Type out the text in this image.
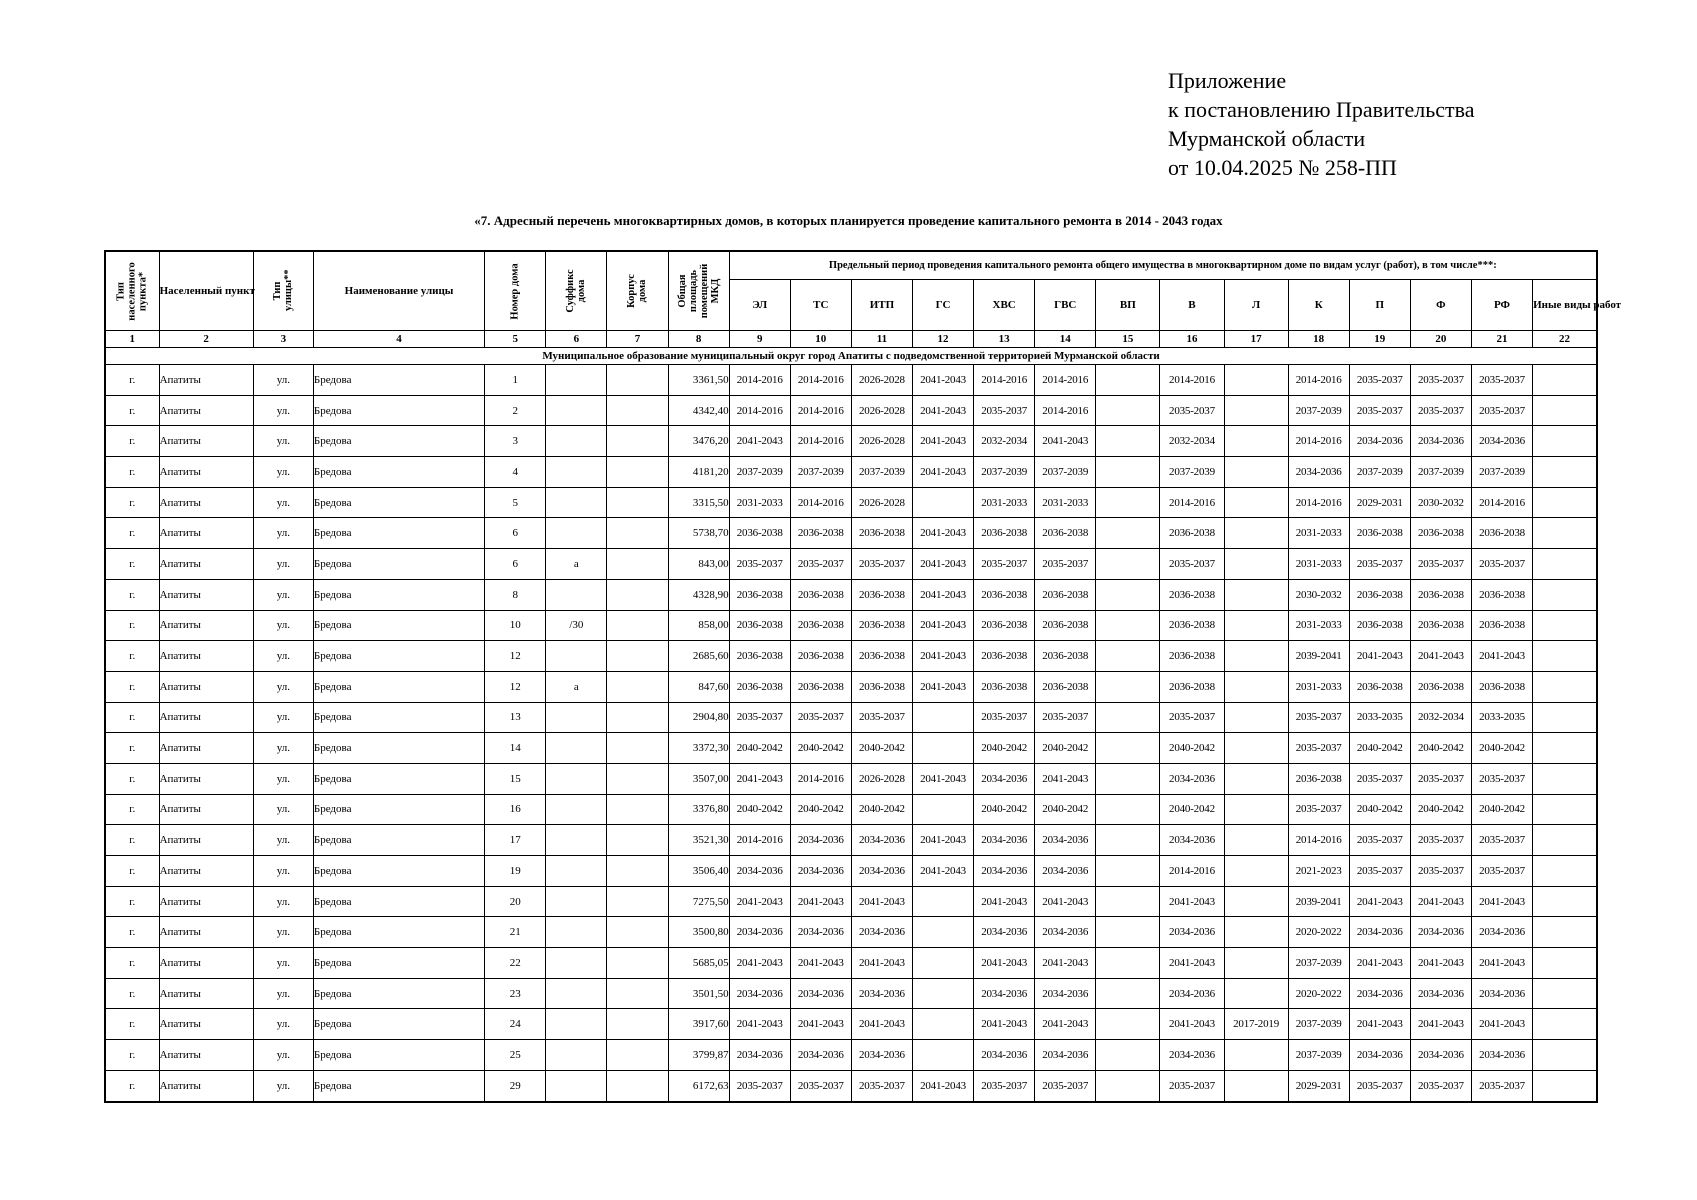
Приложение
к постановлению Правительства
Мурманской области
от 10.04.2025 № 258-ПП
«7. Адресный перечень многоквартирных домов, в которых планируется проведение капитального ремонта в 2014 - 2043 годах
Тип населенного пункта*	Населенный пункт	Тип улицы**	Наименование улицы	Номер дома	Суффикс дома	Корпус дома	Общая площадь помещений МКД	Предельный период проведения капитального ремонта общего имущества в многоквартирном доме по видам услуг (работ), в том числе***:													
								ЭЛ	ТС	ИТП	ГС	ХВС	ГВС	ВП	В	Л	К	П	Ф	РФ	Иные виды работ
1	2	3	4	5	6	7	8	9	10	11	12	13	14	15	16	17	18	19	20	21	22
Муниципальное образование муниципальный округ город Апатиты с подведомственной территорией Мурманской области																					
г.	Апатиты	ул.	Бредова	1			3361,50	2014-2016	2014-2016	2026-2028	2041-2043	2014-2016	2014-2016		2014-2016		2014-2016	2035-2037	2035-2037	2035-2037	
г.	Апатиты	ул.	Бредова	2			4342,40	2014-2016	2014-2016	2026-2028	2041-2043	2035-2037	2014-2016		2035-2037		2037-2039	2035-2037	2035-2037	2035-2037	
г.	Апатиты	ул.	Бредова	3			3476,20	2041-2043	2014-2016	2026-2028	2041-2043	2032-2034	2041-2043		2032-2034		2014-2016	2034-2036	2034-2036	2034-2036	
г.	Апатиты	ул.	Бредова	4			4181,20	2037-2039	2037-2039	2037-2039	2041-2043	2037-2039	2037-2039		2037-2039		2034-2036	2037-2039	2037-2039	2037-2039	
г.	Апатиты	ул.	Бредова	5			3315,50	2031-2033	2014-2016	2026-2028		2031-2033	2031-2033		2014-2016		2014-2016	2029-2031	2030-2032	2014-2016	
г.	Апатиты	ул.	Бредова	6			5738,70	2036-2038	2036-2038	2036-2038	2041-2043	2036-2038	2036-2038		2036-2038		2031-2033	2036-2038	2036-2038	2036-2038	
г.	Апатиты	ул.	Бредова	6	а		843,00	2035-2037	2035-2037	2035-2037	2041-2043	2035-2037	2035-2037		2035-2037		2031-2033	2035-2037	2035-2037	2035-2037	
г.	Апатиты	ул.	Бредова	8			4328,90	2036-2038	2036-2038	2036-2038	2041-2043	2036-2038	2036-2038		2036-2038		2030-2032	2036-2038	2036-2038	2036-2038	
г.	Апатиты	ул.	Бредова	10	/30		858,00	2036-2038	2036-2038	2036-2038	2041-2043	2036-2038	2036-2038		2036-2038		2031-2033	2036-2038	2036-2038	2036-2038	
г.	Апатиты	ул.	Бредова	12			2685,60	2036-2038	2036-2038	2036-2038	2041-2043	2036-2038	2036-2038		2036-2038		2039-2041	2041-2043	2041-2043	2041-2043	
г.	Апатиты	ул.	Бредова	12	а		847,60	2036-2038	2036-2038	2036-2038	2041-2043	2036-2038	2036-2038		2036-2038		2031-2033	2036-2038	2036-2038	2036-2038	
г.	Апатиты	ул.	Бредова	13			2904,80	2035-2037	2035-2037	2035-2037		2035-2037	2035-2037		2035-2037		2035-2037	2033-2035	2032-2034	2033-2035	
г.	Апатиты	ул.	Бредова	14			3372,30	2040-2042	2040-2042	2040-2042		2040-2042	2040-2042		2040-2042		2035-2037	2040-2042	2040-2042	2040-2042	
г.	Апатиты	ул.	Бредова	15			3507,00	2041-2043	2014-2016	2026-2028	2041-2043	2034-2036	2041-2043		2034-2036		2036-2038	2035-2037	2035-2037	2035-2037	
г.	Апатиты	ул.	Бредова	16			3376,80	2040-2042	2040-2042	2040-2042		2040-2042	2040-2042		2040-2042		2035-2037	2040-2042	2040-2042	2040-2042	
г.	Апатиты	ул.	Бредова	17			3521,30	2014-2016	2034-2036	2034-2036	2041-2043	2034-2036	2034-2036		2034-2036		2014-2016	2035-2037	2035-2037	2035-2037	
г.	Апатиты	ул.	Бредова	19			3506,40	2034-2036	2034-2036	2034-2036	2041-2043	2034-2036	2034-2036		2014-2016		2021-2023	2035-2037	2035-2037	2035-2037	
г.	Апатиты	ул.	Бредова	20			7275,50	2041-2043	2041-2043	2041-2043		2041-2043	2041-2043		2041-2043		2039-2041	2041-2043	2041-2043	2041-2043	
г.	Апатиты	ул.	Бредова	21			3500,80	2034-2036	2034-2036	2034-2036		2034-2036	2034-2036		2034-2036		2020-2022	2034-2036	2034-2036	2034-2036	
г.	Апатиты	ул.	Бредова	22			5685,05	2041-2043	2041-2043	2041-2043		2041-2043	2041-2043		2041-2043		2037-2039	2041-2043	2041-2043	2041-2043	
г.	Апатиты	ул.	Бредова	23			3501,50	2034-2036	2034-2036	2034-2036		2034-2036	2034-2036		2034-2036		2020-2022	2034-2036	2034-2036	2034-2036	
г.	Апатиты	ул.	Бредова	24			3917,60	2041-2043	2041-2043	2041-2043		2041-2043	2041-2043		2041-2043	2017-2019	2037-2039	2041-2043	2041-2043	2041-2043	
г.	Апатиты	ул.	Бредова	25			3799,87	2034-2036	2034-2036	2034-2036		2034-2036	2034-2036		2034-2036		2037-2039	2034-2036	2034-2036	2034-2036	
г.	Апатиты	ул.	Бредова	29			6172,63	2035-2037	2035-2037	2035-2037	2041-2043	2035-2037	2035-2037		2035-2037		2029-2031	2035-2037	2035-2037	2035-2037	
